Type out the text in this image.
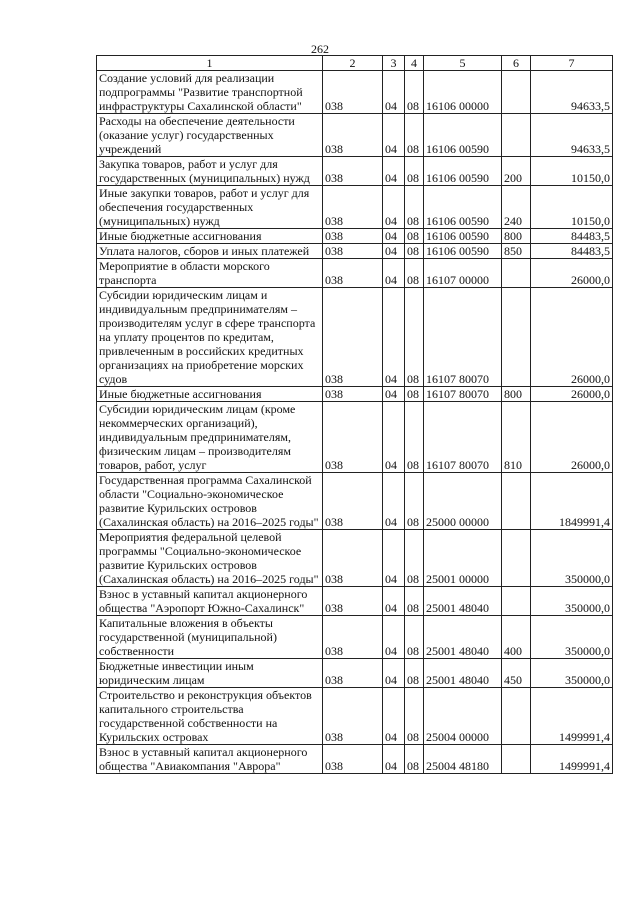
262
1	2	3	4	5	6	7
Создание условий для реализации подпрограммы "Развитие транспортной инфраструктуры Сахалинской области"	038	04	08	16106 00000		94633,5
Расходы на обеспечение деятельности (оказание услуг) государственных учреждений	038	04	08	16106 00590		94633,5
Закупка товаров, работ и услуг для государственных (муниципальных) нужд	038	04	08	16106 00590	200	10150,0
Иные закупки товаров, работ и услуг для обеспечения государственных (муниципальных) нужд	038	04	08	16106 00590	240	10150,0
Иные бюджетные ассигнования	038	04	08	16106 00590	800	84483,5
Уплата налогов, сборов и иных платежей	038	04	08	16106 00590	850	84483,5
Мероприятие в области морского транспорта	038	04	08	16107 00000		26000,0
Субсидии юридическим лицам и индивидуальным предпринимателям – производителям услуг в сфере транспорта на уплату процентов по кредитам, привлеченным в российских кредитных организациях на приобретение морских судов	038	04	08	16107 80070		26000,0
Иные бюджетные ассигнования	038	04	08	16107 80070	800	26000,0
Субсидии юридическим лицам (кроме некоммерческих организаций), индивидуальным предпринимателям, физическим лицам – производителям товаров, работ, услуг	038	04	08	16107 80070	810	26000,0
Государственная программа Сахалинской области "Социально-экономическое развитие Курильских островов (Сахалинская область) на 2016–2025 годы"	038	04	08	25000 00000		1849991,4
Мероприятия федеральной целевой программы "Социально-экономическое развитие Курильских островов (Сахалинская область) на 2016–2025 годы"	038	04	08	25001 00000		350000,0
Взнос в уставный капитал акционерного общества "Аэропорт Южно-Сахалинск"	038	04	08	25001 48040		350000,0
Капитальные вложения в объекты государственной (муниципальной) собственности	038	04	08	25001 48040	400	350000,0
Бюджетные инвестиции иным юридическим лицам	038	04	08	25001 48040	450	350000,0
Строительство и реконструкция объектов капитального строительства государственной собственности на Курильских островах	038	04	08	25004 00000		1499991,4
Взнос в уставный капитал акционерного общества "Авиакомпания "Аврора"	038	04	08	25004 48180		1499991,4
